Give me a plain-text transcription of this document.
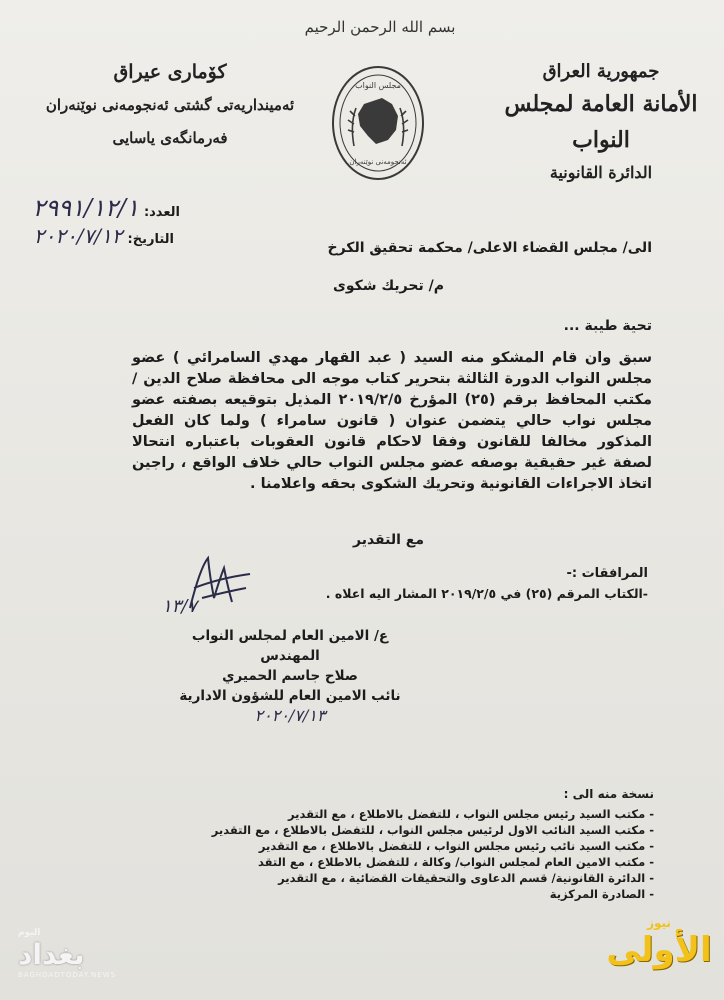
بسم الله الرحمن الرحيم
جمهورية العراق
الأمانة العامة لمجلس النواب
الدائرة القانونية
كۆماری عیراق
ئەمینداریەتی گشتی ئەنجومەنی نوێنەران
فەرمانگەی یاسایی
مجلس النواب
ئەنجومەنی نوێنەران
العدد: ٢٩٩١/١٢/١
التاريخ: ٢٠٢٠/٧/١٢	الى/ مجلس القضاء الاعلى/ محكمة تحقيق الكرخ
م/ تحريك شكوى
تحية طيبة ...

سبق وان قام المشكو منه السيد ( عبد القهار مهدي السامرائي ) عضو مجلس النواب الدورة الثالثة بتحرير كتاب موجه الى محافظة صلاح الدين / مكتب المحافظ برقم (٢٥) المؤرخ ٢٠١٩/٢/٥ المذيل بتوقيعه بصفته عضو مجلس نواب حالي يتضمن عنوان ( قانون سامراء ) ولما كان الفعل المذكور مخالفا للقانون وفقا لاحكام قانون العقوبات باعتباره انتحالا لصفة غير حقيقية بوصفه عضو مجلس النواب حالي خلاف الواقع ، راجين اتخاذ الاجراءات القانونية وتحريك الشكوى بحقه واعلامنا .

مع التقدير
المرافقات :-
-الكتاب المرقم (٢٥) في ٢٠١٩/٢/٥ المشار اليه اعلاه .
١٣/٧
ع/ الامين العام لمجلس النواب
المهندس
صلاح جاسم الحميري
نائب الامين العام للشؤون الادارية
٢٠٢٠/٧/١٣
نسخة منه الى :
- مكتب السيد رئيس مجلس النواب ، للتفضل بالاطلاع ، مع التقدير
- مكتب السيد النائب الاول لرئيس مجلس النواب ، للتفضل بالاطلاع ، مع التقدير
- مكتب السيد نائب رئيس مجلس النواب ، للتفضل بالاطلاع ، مع التقدير
- مكتب الامين العام لمجلس النواب/ وكالة ، للتفضل بالاطلاع ، مع التقد
- الدائرة القانونية/ قسم الدعاوى والتحقيقات القضائية ، مع التقدير
- الصادرة المركزية
اليوم
بغداد
BAGHDADTODAY.NEWS
نيوز
الأولى
